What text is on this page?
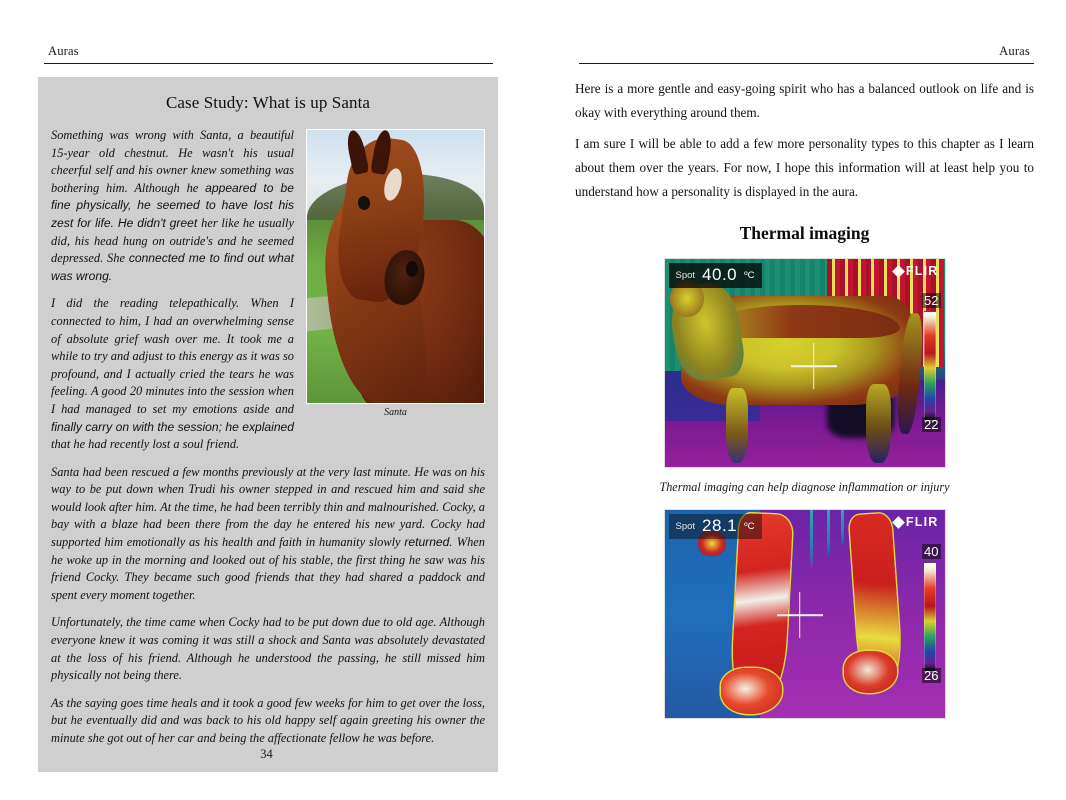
Auras
Case Study: What is up Santa
Santa

Something was wrong with Santa, a beautiful 15-year old chestnut. He wasn't his usual cheerful self and his owner knew something was bothering him. Although he appeared to be fine physically, he seemed to have lost his zest for life. He didn't greet her like he usually did, his head hung on outride's and he seemed depressed. She connected me to find out what was wrong.

I did the reading telepathically. When I connected to him, I had an overwhelming sense of absolute grief wash over me. It took me a while to try and adjust to this energy as it was so profound, and I actually cried the tears he was feeling. A good 20 minutes into the session when I had managed to set my emotions aside and finally carry on with the session; he explained that he had recently lost a soul friend.

Santa had been rescued a few months previously at the very last minute. He was on his way to be put down when Trudi his owner stepped in and rescued him and said she would look after him. At the time, he had been terribly thin and malnourished. Cocky, a bay with a blaze had been there from the day he entered his new yard. Cocky had supported him emotionally as his health and faith in humanity slowly returned. When he woke up in the morning and looked out of his stable, the first thing he saw was his friend Cocky. They became such good friends that they had shared a paddock and spent every moment together.

Unfortunately, the time came when Cocky had to be put down due to old age. Although everyone knew it was coming it was still a shock and Santa was absolutely devastated at the loss of his friend. Although he understood the passing, he still missed him physically not being there.

As the saying goes time heals and it took a good few weeks for him to get over the loss, but he eventually did and was back to his old happy self again greeting his owner the minute she got out of her car and being the affectionate fellow he was before.

34
Auras

Here is a more gentle and easy-going spirit who has a balanced outlook on life and is okay with everything around them.

I am sure I will be able to add a few more personality types to this chapter as I learn about them over the years. For now, I hope this information will at least help you to understand how a personality is displayed in the aura.

Thermal imaging
Spot 40.0 ºC	FLIR
52
22
Thermal imaging can help diagnose inflammation or injury
Spot 28.1 ºC	FLIR
40
26
